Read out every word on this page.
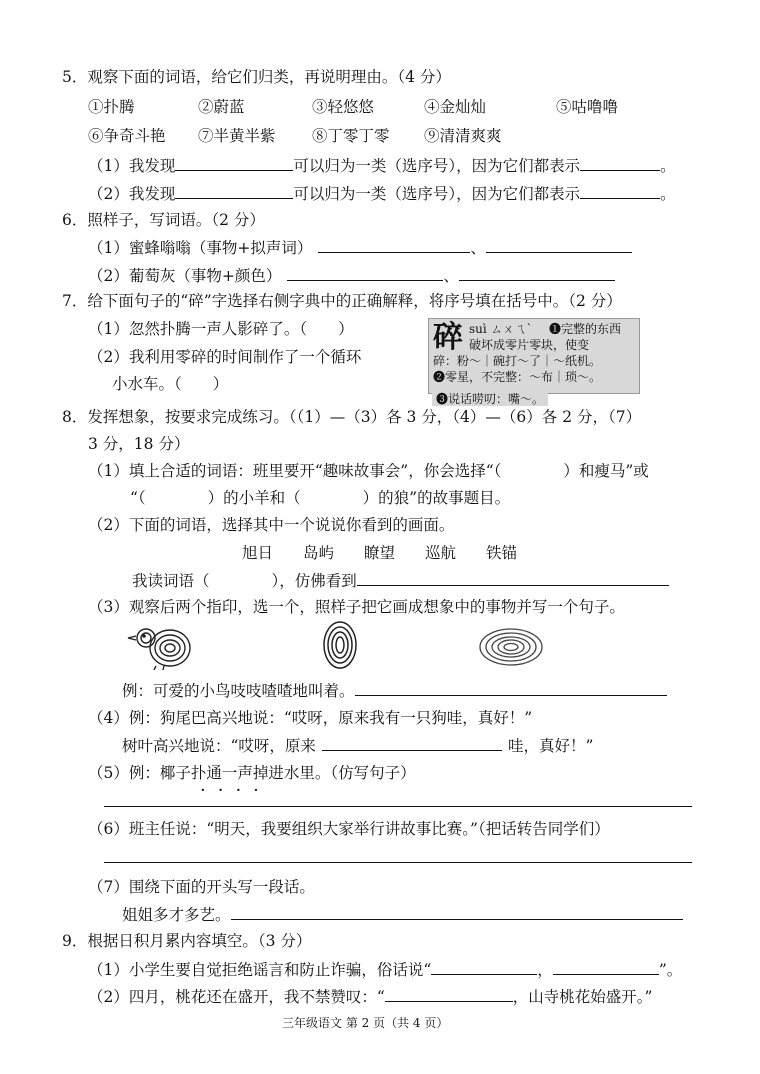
5．观察下面的词语，给它们归类，再说明理由。（4 分）
①扑腾	②蔚蓝	③轻悠悠	④金灿灿	⑤咕噜噜
⑥争奇斗艳 ⑦半黄半紫 ⑧丁零丁零 ⑨清清爽爽
（1）我发现	可以归为一类（选序号），因为它们都表示	。
（2）我发现	可以归为一类（选序号），因为它们都表示	。
6．照样子，写词语。（2 分）
（1）蜜蜂嗡嗡（事物+拟声词）	、
（2）葡萄灰（事物+颜色）	、
7．给下面句子的“碎”字选择右侧字典中的正确解释，将序号填在括号中。（2 分）
（1）忽然扑腾一声人影碎了。（　　）
（2）我利用零碎的时间制作了一个循环
小水车。（　　）
碎 suì ㄙㄨㄟˋ ❶完整的东西
破坏成零片零块，使变
碎：粉～｜碗打～了｜～纸机。
❷零星，不完整：～布｜琐～。
❸说话唠叨：嘴～。
8．发挥想象，按要求完成练习。（（1）—（3）各 3 分，（4）—（6）各 2 分，（7）
3 分，18 分）
（1）填上合适的词语：班里要开“趣味故事会”，你会选择“（　　　　）和瘦马”或
“（　　　　）的小羊和（　　　　）的狼”的故事题目。
（2）下面的词语，选择其中一个说说你看到的画面。
旭日 岛屿 瞭望 巡航 铁锚
我读词语（　　　　），仿佛看到
（3）观察后两个指印，选一个，照样子把它画成想象中的事物并写一个句子。
例：可爱的小鸟吱吱喳喳地叫着。
（4）例：狗尾巴高兴地说：“哎呀，原来我有一只狗哇，真好！”
树叶高兴地说：“哎呀，原来	哇，真好！”
（5）例：椰子扑通一声掉进水里。（仿写句子）
····
（6）班主任说：“明天，我要组织大家举行讲故事比赛。”（把话转告同学们）
（7）围绕下面的开头写一段话。
姐姐多才多艺。
9．根据日积月累内容填空。（3 分）
（1）小学生要自觉拒绝谣言和防止诈骗，俗话说“	，	”。
（2）四月，桃花还在盛开，我不禁赞叹：“	，山寺桃花始盛开。”
三年级语文 第 2 页（共 4 页）
